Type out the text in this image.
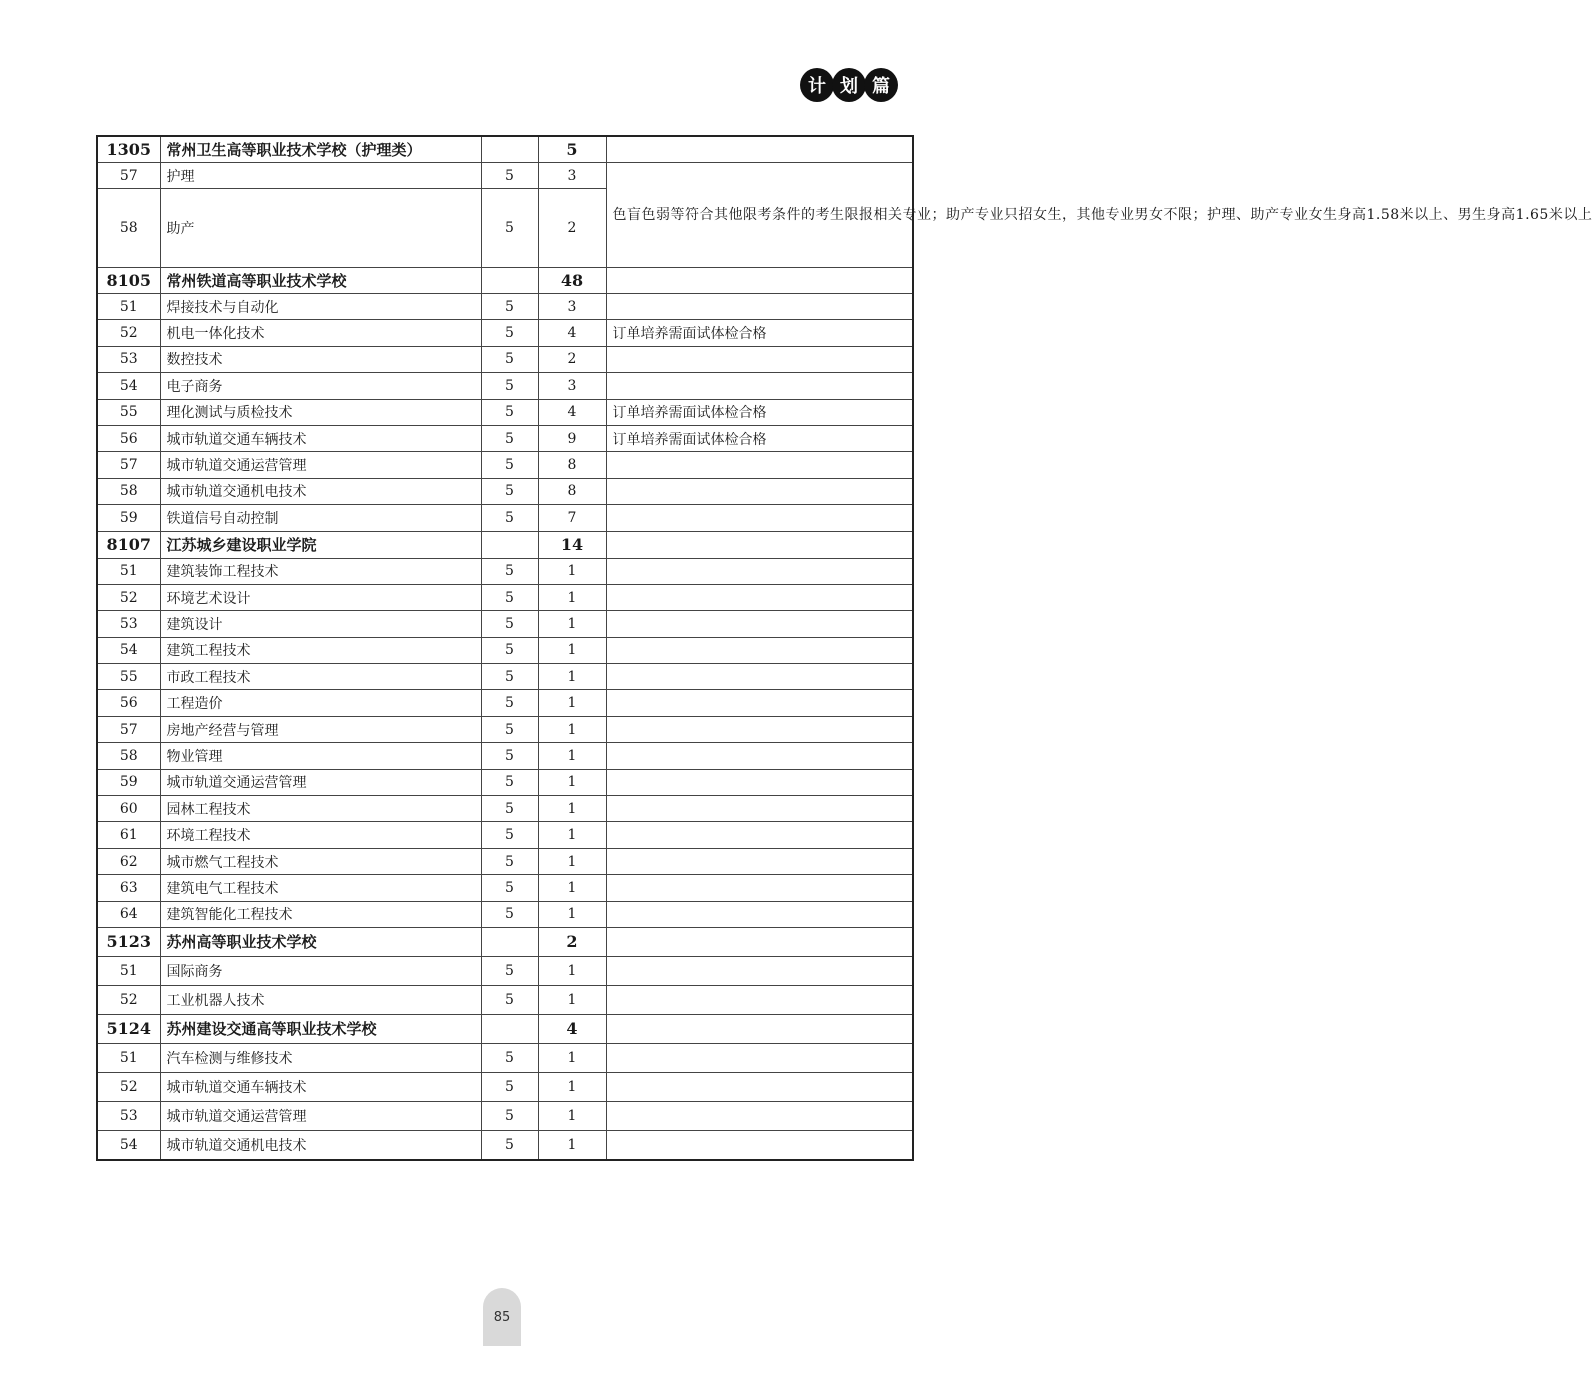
计 划 篇
1305	常州卫生高等职业技术学校（护理类）		5	
57	护理	5	3	色盲色弱等符合其他限考条件的考生限报相关专业；助产专业只招女生，其他专业男女不限；护理、助产专业女生身高1.58米以上、男生身高1.65米以上
58	助产	5	2	
8105	常州铁道高等职业技术学校		48	
51	焊接技术与自动化	5	3	
52	机电一体化技术	5	4	订单培养需面试体检合格
53	数控技术	5	2	
54	电子商务	5	3	
55	理化测试与质检技术	5	4	订单培养需面试体检合格
56	城市轨道交通车辆技术	5	9	订单培养需面试体检合格
57	城市轨道交通运营管理	5	8	
58	城市轨道交通机电技术	5	8	
59	铁道信号自动控制	5	7	
8107	江苏城乡建设职业学院		14	
51	建筑装饰工程技术	5	1	
52	环境艺术设计	5	1	
53	建筑设计	5	1	
54	建筑工程技术	5	1	
55	市政工程技术	5	1	
56	工程造价	5	1	
57	房地产经营与管理	5	1	
58	物业管理	5	1	
59	城市轨道交通运营管理	5	1	
60	园林工程技术	5	1	
61	环境工程技术	5	1	
62	城市燃气工程技术	5	1	
63	建筑电气工程技术	5	1	
64	建筑智能化工程技术	5	1	
5123	苏州高等职业技术学校		2	
51	国际商务	5	1	
52	工业机器人技术	5	1	
5124	苏州建设交通高等职业技术学校		4	
51	汽车检测与维修技术	5	1	
52	城市轨道交通车辆技术	5	1	
53	城市轨道交通运营管理	5	1	
54	城市轨道交通机电技术	5	1	
85
